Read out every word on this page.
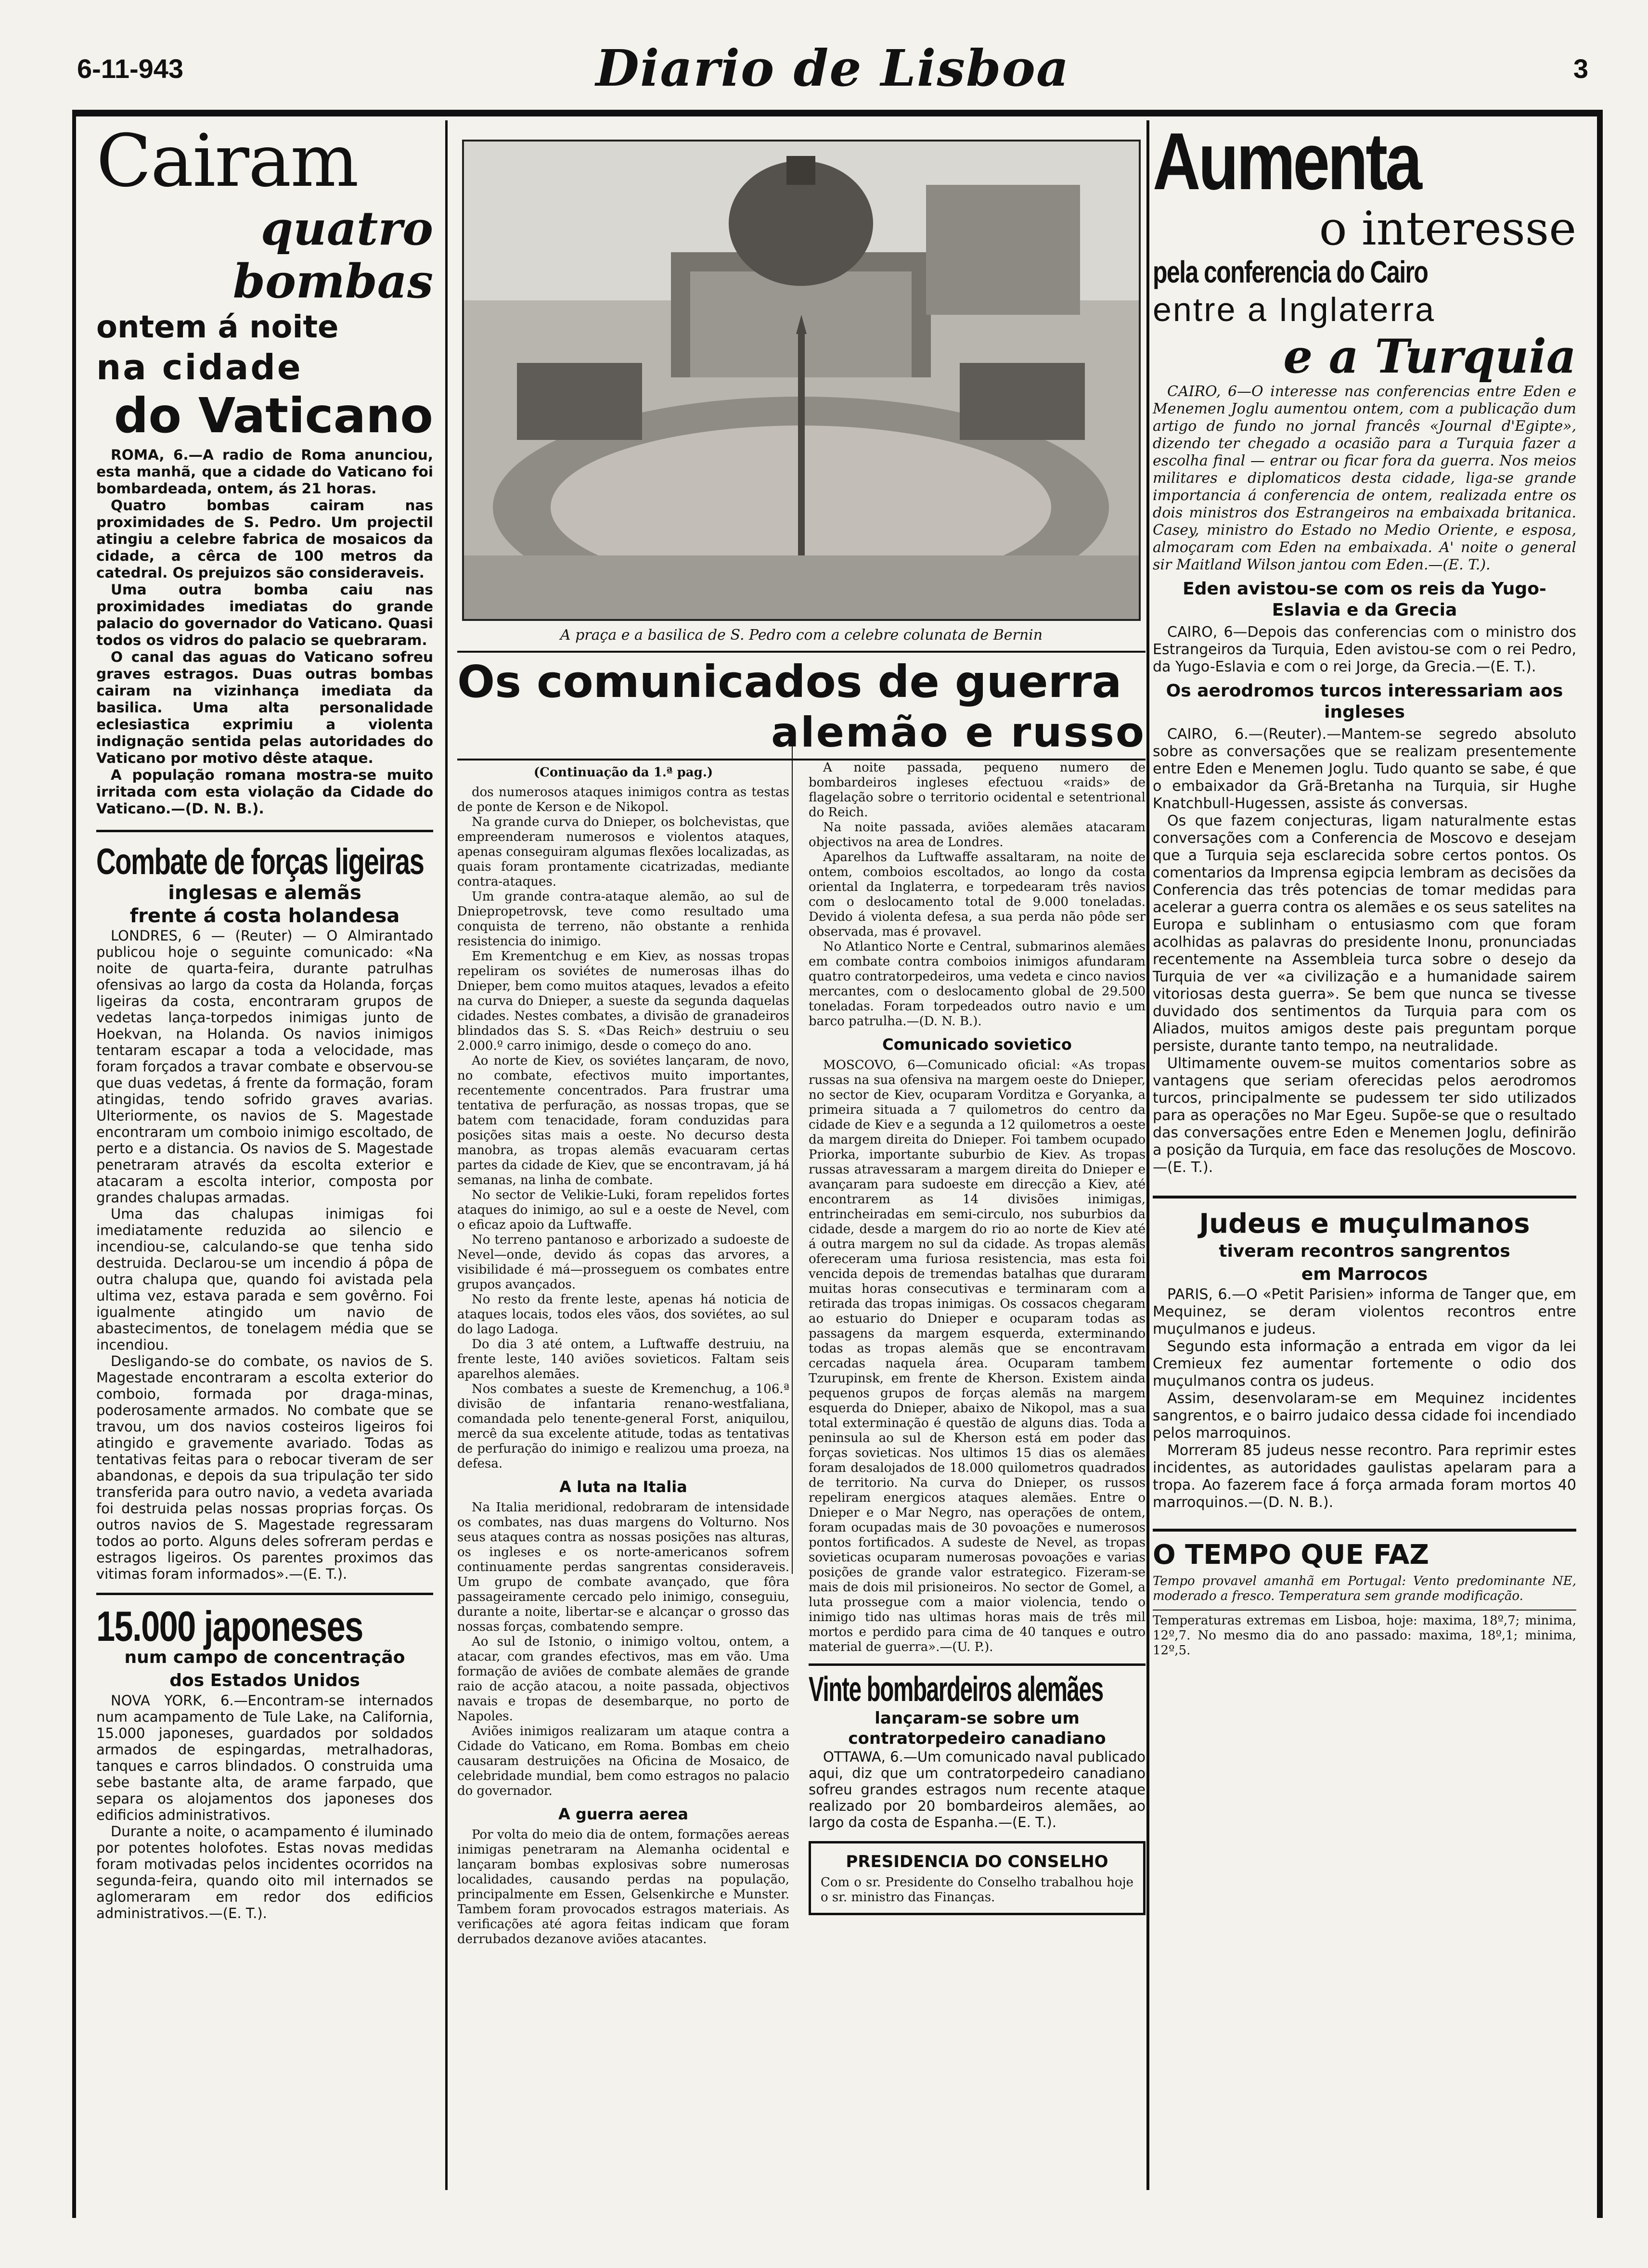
6-11-943	Diario de Lisboa	3
Cairam
quatro bombas
ontem á noite
na cidade
do Vaticano

ROMA, 6.—A radio de Roma anunciou, esta manhã, que a cidade do Vaticano foi bombardeada, ontem, ás 21 horas.

Quatro bombas cairam nas proximidades de S. Pedro. Um projectil atingiu a celebre fabrica de mosaicos da cidade, a cêrca de 100 metros da catedral. Os prejuizos são consideraveis.

Uma outra bomba caiu nas proximidades imediatas do grande palacio do governador do Vaticano. Quasi todos os vidros do palacio se quebraram.

O canal das aguas do Vaticano sofreu graves estragos. Duas outras bombas cairam na vizinhança imediata da basilica. Uma alta personalidade eclesiastica exprimiu a violenta indignação sentida pelas autoridades do Vaticano por motivo dêste ataque.

A população romana mostra-se muito irritada com esta violação da Cidade do Vaticano.—(D. N. B.).

Combate de forças ligeiras
inglesas e alemãs
frente á costa holandesa

LONDRES, 6 — (Reuter) — O Almirantado publicou hoje o seguinte comunicado: «Na noite de quarta-feira, durante patrulhas ofensivas ao largo da costa da Holanda, forças ligeiras da costa, encontraram grupos de vedetas lança-torpedos inimigas junto de Hoekvan, na Holanda. Os navios inimigos tentaram escapar a toda a velocidade, mas foram forçados a travar combate e observou-se que duas vedetas, á frente da formação, foram atingidas, tendo sofrido graves avarias. Ulteriormente, os navios de S. Magestade encontraram um comboio inimigo escoltado, de perto e a distancia. Os navios de S. Magestade penetraram através da escolta exterior e atacaram a escolta interior, composta por grandes chalupas armadas.

Uma das chalupas inimigas foi imediatamente reduzida ao silencio e incendiou-se, calculando-se que tenha sido destruida. Declarou-se um incendio á pôpa de outra chalupa que, quando foi avistada pela ultima vez, estava parada e sem govêrno. Foi igualmente atingido um navio de abastecimentos, de tonelagem média que se incendiou.

Desligando-se do combate, os navios de S. Magestade encontraram a escolta exterior do comboio, formada por draga-minas, poderosamente armados. No combate que se travou, um dos navios costeiros ligeiros foi atingido e gravemente avariado. Todas as tentativas feitas para o rebocar tiveram de ser abandonas, e depois da sua tripulação ter sido transferida para outro navio, a vedeta avariada foi destruida pelas nossas proprias forças. Os outros navios de S. Magestade regressaram todos ao porto. Alguns deles sofreram perdas e estragos ligeiros. Os parentes proximos das vitimas foram informados».—(E. T.).

15.000 japoneses
num campo de concentração
dos Estados Unidos

NOVA YORK, 6.—Encontram-se internados num acampamento de Tule Lake, na California, 15.000 japoneses, guardados por soldados armados de espingardas, metralhadoras, tanques e carros blindados. O construida uma sebe bastante alta, de arame farpado, que separa os alojamentos dos japoneses dos edificios administrativos.

Durante a noite, o acampamento é iluminado por potentes holofotes. Estas novas medidas foram motivadas pelos incidentes ocorridos na segunda-feira, quando oito mil internados se aglomeraram em redor dos edificios administrativos.—(E. T.).

A praça e a basilica de S. Pedro com a celebre colunata de Bernin
Os comunicados de guerra
alemão e russo
(Continuação da 1.ª pag.)

dos numerosos ataques inimigos contra as testas de ponte de Kerson e de Nikopol.

Na grande curva do Dnieper, os bolchevistas, que empreenderam numerosos e violentos ataques, apenas conseguiram algumas flexões localizadas, as quais foram prontamente cicatrizadas, mediante contra-ataques.

Um grande contra-ataque alemão, ao sul de Dniepropetrovsk, teve como resultado uma conquista de terreno, não obstante a renhida resistencia do inimigo.

Em Krementchug e em Kiev, as nossas tropas repeliram os soviétes de numerosas ilhas do Dnieper, bem como muitos ataques, levados a efeito na curva do Dnieper, a sueste da segunda daquelas cidades. Nestes combates, a divisão de granadeiros blindados das S. S. «Das Reich» destruiu o seu 2.000.º carro inimigo, desde o começo do ano.

Ao norte de Kiev, os soviétes lançaram, de novo, no combate, efectivos muito importantes, recentemente concentrados. Para frustrar uma tentativa de perfuração, as nossas tropas, que se batem com tenacidade, foram conduzidas para posições sitas mais a oeste. No decurso desta manobra, as tropas alemãs evacuaram certas partes da cidade de Kiev, que se encontravam, já há semanas, na linha de combate.

No sector de Velikie-Luki, foram repelidos fortes ataques do inimigo, ao sul e a oeste de Nevel, com o eficaz apoio da Luftwaffe.

No terreno pantanoso e arborizado a sudoeste de Nevel—onde, devido ás copas das arvores, a visibilidade é má—prosseguem os combates entre grupos avançados.

No resto da frente leste, apenas há noticia de ataques locais, todos eles vãos, dos soviétes, ao sul do lago Ladoga.

Do dia 3 até ontem, a Luftwaffe destruiu, na frente leste, 140 aviões sovieticos. Faltam seis aparelhos alemães.

Nos combates a sueste de Kremenchug, a 106.ª divisão de infantaria renano-westfaliana, comandada pelo tenente-general Forst, aniquilou, mercê da sua excelente atitude, todas as tentativas de perfuração do inimigo e realizou uma proeza, na defesa.

A luta na Italia

Na Italia meridional, redobraram de intensidade os combates, nas duas margens do Volturno. Nos seus ataques contra as nossas posições nas alturas, os ingleses e os norte-americanos sofrem continuamente perdas sangrentas consideraveis. Um grupo de combate avançado, que fôra passageiramente cercado pelo inimigo, conseguiu, durante a noite, libertar-se e alcançar o grosso das nossas forças, combatendo sempre.

Ao sul de Istonio, o inimigo voltou, ontem, a atacar, com grandes efectivos, mas em vão. Uma formação de aviões de combate alemães de grande raio de acção atacou, a noite passada, objectivos navais e tropas de desembarque, no porto de Napoles.

Aviões inimigos realizaram um ataque contra a Cidade do Vaticano, em Roma. Bombas em cheio causaram destruições na Oficina de Mosaico, de celebridade mundial, bem como estragos no palacio do governador.

A guerra aerea

Por volta do meio dia de ontem, formações aereas inimigas penetraram na Alemanha ocidental e lançaram bombas explosivas sobre numerosas localidades, causando perdas na população, principalmente em Essen, Gelsenkirche e Munster. Tambem foram provocados estragos materiais. As verificações até agora feitas indicam que foram derrubados dezanove aviões atacantes.

A noite passada, pequeno numero de bombardeiros ingleses efectuou «raids» de flagelação sobre o territorio ocidental e setentrional do Reich.

Na noite passada, aviões alemães atacaram objectivos na area de Londres.

Aparelhos da Luftwaffe assaltaram, na noite de ontem, comboios escoltados, ao longo da costa oriental da Inglaterra, e torpedearam três navios com o deslocamento total de 9.000 toneladas. Devido á violenta defesa, a sua perda não pôde ser observada, mas é provavel.

No Atlantico Norte e Central, submarinos alemães em combate contra comboios inimigos afundaram quatro contratorpedeiros, uma vedeta e cinco navios mercantes, com o deslocamento global de 29.500 toneladas. Foram torpedeados outro navio e um barco patrulha.—(D. N. B.).

Comunicado sovietico

MOSCOVO, 6—Comunicado oficial: «As tropas russas na sua ofensiva na margem oeste do Dnieper, no sector de Kiev, ocuparam Vorditza e Goryanka, a primeira situada a 7 quilometros do centro da cidade de Kiev e a segunda a 12 quilometros a oeste da margem direita do Dnieper. Foi tambem ocupado Priorka, importante suburbio de Kiev. As tropas russas atravessaram a margem direita do Dnieper e avançaram para sudoeste em direcção a Kiev, até encontrarem as 14 divisões inimigas, entrincheiradas em semi-circulo, nos suburbios da cidade, desde a margem do rio ao norte de Kiev até á outra margem no sul da cidade. As tropas alemãs ofereceram uma furiosa resistencia, mas esta foi vencida depois de tremendas batalhas que duraram muitas horas consecutivas e terminaram com a retirada das tropas inimigas. Os cossacos chegaram ao estuario do Dnieper e ocuparam todas as passagens da margem esquerda, exterminando todas as tropas alemãs que se encontravam cercadas naquela área. Ocuparam tambem Tzurupinsk, em frente de Kherson. Existem ainda pequenos grupos de forças alemãs na margem esquerda do Dnieper, abaixo de Nikopol, mas a sua total exterminação é questão de alguns dias. Toda a peninsula ao sul de Kherson está em poder das forças sovieticas. Nos ultimos 15 dias os alemães foram desalojados de 18.000 quilometros quadrados de territorio. Na curva do Dnieper, os russos repeliram energicos ataques alemães. Entre o Dnieper e o Mar Negro, nas operações de ontem, foram ocupadas mais de 30 povoações e numerosos pontos fortificados. A sudeste de Nevel, as tropas sovieticas ocuparam numerosas povoações e varias posições de grande valor estrategico. Fizeram-se mais de dois mil prisioneiros. No sector de Gomel, a luta prossegue com a maior violencia, tendo o inimigo tido nas ultimas horas mais de três mil mortos e perdido para cima de 40 tanques e outro material de guerra».—(U. P.).

Vinte bombardeiros alemães
lançaram-se sobre um contratorpedeiro canadiano

OTTAWA, 6.—Um comunicado naval publicado aqui, diz que um contratorpedeiro canadiano sofreu grandes estragos num recente ataque realizado por 20 bombardeiros alemães, ao largo da costa de Espanha.—(E. T.).

PRESIDENCIA DO CONSELHO
Com o sr. Presidente do Conselho trabalhou hoje o sr. ministro das Finanças.
Aumenta
o interesse
pela conferencia do Cairo
entre a Inglaterra
e a Turquia

CAIRO, 6—O interesse nas conferencias entre Eden e Menemen Joglu aumentou ontem, com a publicação dum artigo de fundo no jornal francês «Journal d'Egipte», dizendo ter chegado a ocasião para a Turquia fazer a escolha final — entrar ou ficar fora da guerra. Nos meios militares e diplomaticos desta cidade, liga-se grande importancia á conferencia de ontem, realizada entre os dois ministros dos Estrangeiros na embaixada britanica. Casey, ministro do Estado no Medio Oriente, e esposa, almoçaram com Eden na embaixada. A' noite o general sir Maitland Wilson jantou com Eden.—(E. T.).

Eden avistou-se com os reis da Yugo-Eslavia e da Grecia

CAIRO, 6—Depois das conferencias com o ministro dos Estrangeiros da Turquia, Eden avistou-se com o rei Pedro, da Yugo-Eslavia e com o rei Jorge, da Grecia.—(E. T.).

Os aerodromos turcos interessariam aos ingleses

CAIRO, 6.—(Reuter).—Mantem-se segredo absoluto sobre as conversações que se realizam presentemente entre Eden e Menemen Joglu. Tudo quanto se sabe, é que o embaixador da Grã-Bretanha na Turquia, sir Hughe Knatchbull-Hugessen, assiste ás conversas.

Os que fazem conjecturas, ligam naturalmente estas conversações com a Conferencia de Moscovo e desejam que a Turquia seja esclarecida sobre certos pontos. Os comentarios da Imprensa egipcia lembram as decisões da Conferencia das três potencias de tomar medidas para acelerar a guerra contra os alemães e os seus satelites na Europa e sublinham o entusiasmo com que foram acolhidas as palavras do presidente Inonu, pronunciadas recentemente na Assembleia turca sobre o desejo da Turquia de ver «a civilização e a humanidade sairem vitoriosas desta guerra». Se bem que nunca se tivesse duvidado dos sentimentos da Turquia para com os Aliados, muitos amigos deste pais preguntam porque persiste, durante tanto tempo, na neutralidade.

Ultimamente ouvem-se muitos comentarios sobre as vantagens que seriam oferecidas pelos aerodromos turcos, principalmente se pudessem ter sido utilizados para as operações no Mar Egeu. Supõe-se que o resultado das conversações entre Eden e Menemen Joglu, definirão a posição da Turquia, em face das resoluções de Moscovo.—(E. T.).

Judeus e muçulmanos
tiveram recontros sangrentos
em Marrocos

PARIS, 6.—O «Petit Parisien» informa de Tanger que, em Mequinez, se deram violentos recontros entre muçulmanos e judeus.

Segundo esta informação a entrada em vigor da lei Cremieux fez aumentar fortemente o odio dos muçulmanos contra os judeus.

Assim, desenvolaram-se em Mequinez incidentes sangrentos, e o bairro judaico dessa cidade foi incendiado pelos marroquinos.

Morreram 85 judeus nesse recontro. Para reprimir estes incidentes, as autoridades gaulistas apelaram para a tropa. Ao fazerem face á força armada foram mortos 40 marroquinos.—(D. N. B.).

O TEMPO QUE FAZ
Tempo provavel amanhã em Portugal: Vento predominante NE, moderado a fresco. Temperatura sem grande modificação.
Temperaturas extremas em Lisboa, hoje: maxima, 18º,7; minima, 12º,7. No mesmo dia do ano passado: maxima, 18º,1; minima, 12º,5.
